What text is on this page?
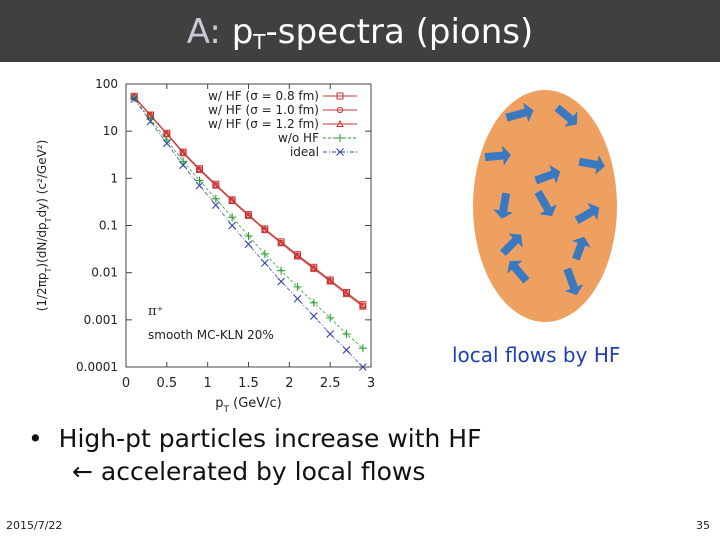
A: $p_T$-spectra (pions)
0 0.5 1 1.5 2 2.5 3
100
10
1
0.1
0.01
0.001
0.0001
$p_T$ (GeV/c)
$(1/2\pi p_T)(dN/dp_Tdy)$ (c²/GeV²)
w/ HF (σ = 0.8 fm)
w/ HF (σ = 1.0 fm)
w/ HF (σ = 1.2 fm)
w/o HF
ideal
π⁺
smooth MC-KLN 20%
local flows by HF
•  High-pt particles increase with HF
← accelerated by local flows
2015/7/22	35
